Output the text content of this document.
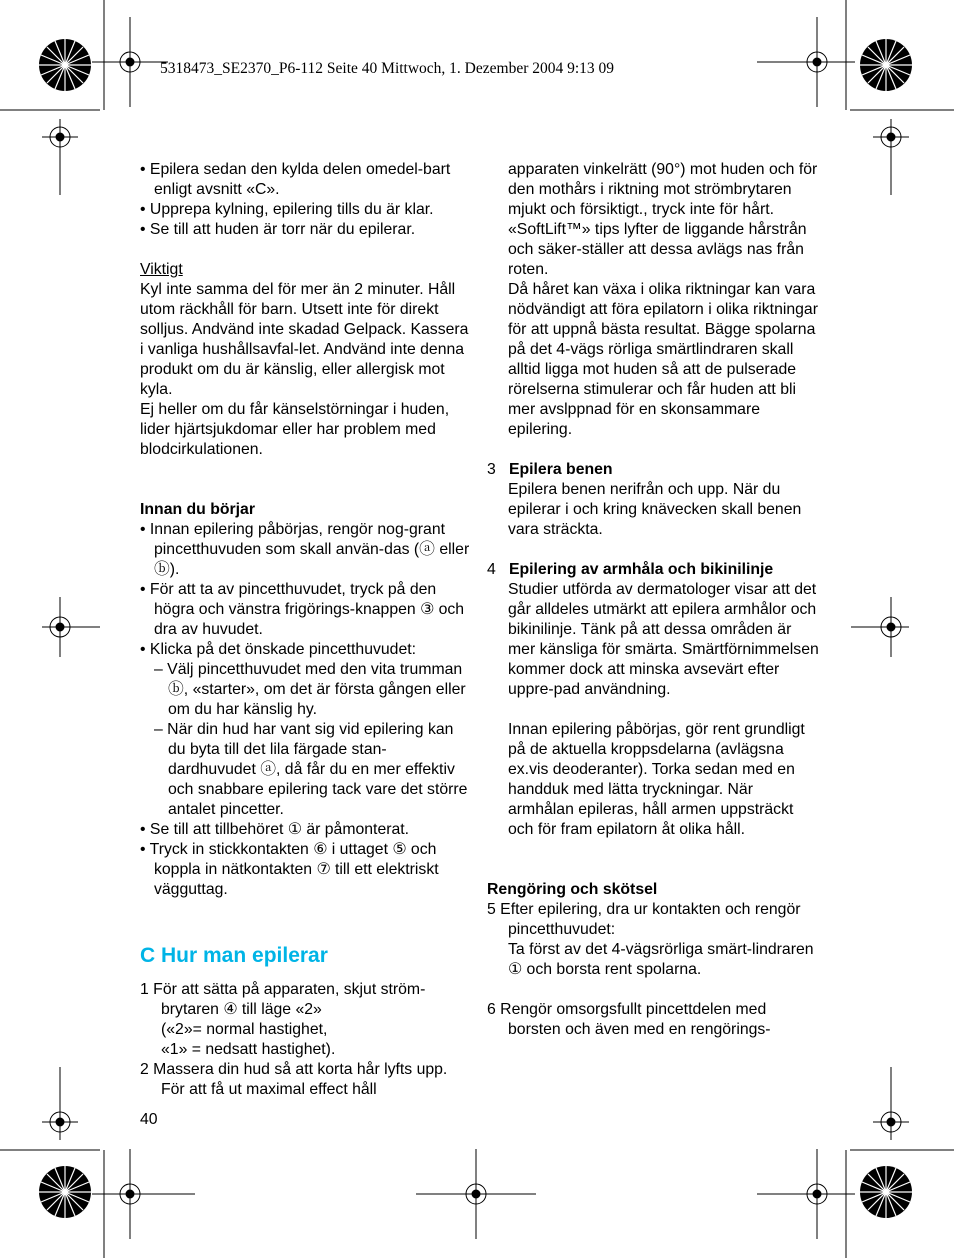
5318473_SE2370_P6-112 Seite 40 Mittwoch, 1. Dezember 2004 9:13 09

• Epilera sedan den kylda delen omedel-bart enligt avsnitt «C».

• Upprepa kylning, epilering tills du är klar.

• Se till att huden är torr när du epilerar.

Viktigt

Kyl inte samma del för mer än 2 minuter. Håll utom räckhåll för barn. Utsett inte för direkt solljus. Andvänd inte skadad Gelpack. Kassera i vanliga hushållsavfal-let. Andvänd inte denna produkt om du är känslig, eller allergisk mot kyla.

Ej heller om du får känselstörningar i huden, lider hjärtsjukdomar eller har problem med blodcirkulationen.

Innan du börjar

• Innan epilering påbörjas, rengör nog-grant pincetthuvuden som skall använ-das (ⓐ eller ⓑ).

• För att ta av pincetthuvudet, tryck på den högra och vänstra frigörings-knappen ③ och dra av huvudet.

• Klicka på det önskade pincetthuvudet:

– Välj pincetthuvudet med den vita trumman ⓑ, «starter», om det är första gången eller om du har känslig hy.

– När din hud har vant sig vid epilering kan du byta till det lila färgade stan-dardhuvudet ⓐ, då får du en mer effektiv och snabbare epilering tack vare det större antalet pincetter.

• Se till att tillbehöret ① är påmonterat.

• Tryck in stickkontakten ⑥ i uttaget ⑤ och koppla in nätkontakten ⑦ till ett elektriskt vägguttag.

C Hur man epilerar

1 För att sätta på apparaten, skjut ström-brytaren ④ till läge «2»

(«2»= normal hastighet,

«1» = nedsatt hastighet).

2 Massera din hud så att korta hår lyfts upp. För att få ut maximal effect håll

apparaten vinkelrätt (90°) mot huden och för den mothårs i riktning mot strömbrytaren mjukt och försiktigt., tryck inte för hårt. «SoftLift™» tips lyfter de liggande hårstrån och säker-ställer att dessa avlägs nas från roten.

Då håret kan växa i olika riktningar kan vara nödvändigt att föra epilatorn i olika riktningar för att uppnå bästa resultat. Bägge spolarna på det 4-vägs rörliga smärtlindraren skall alltid ligga mot huden så att de pulserade rörelserna stimulerar och får huden att bli mer avslppnad för en skonsammare epilering.

3 Epilera benen

Epilera benen nerifrån och upp. När du epilerar i och kring knävecken skall benen vara sträckta.

4 Epilering av armhåla och bikinilinje

Studier utförda av dermatologer visar att det går alldeles utmärkt att epilera armhålor och bikinilinje. Tänk på att dessa områden är mer känsliga för smärta. Smärtförnimmelsen kommer dock att minska avsevärt efter uppre-pad användning.

Innan epilering påbörjas, gör rent grundligt på de aktuella kroppsdelarna (avlägsna ex.vis deoderanter). Torka sedan med en handduk med lätta tryckningar. När armhålan epileras, håll armen uppsträckt och för fram epilatorn åt olika håll.

Rengöring och skötsel

5 Efter epilering, dra ur kontakten och rengör pincetthuvudet:

Ta först av det 4-vägsrörliga smärt-lindraren ① och borsta rent spolarna.

6 Rengör omsorgsfullt pincettdelen med borsten och även med en rengörings-

40
